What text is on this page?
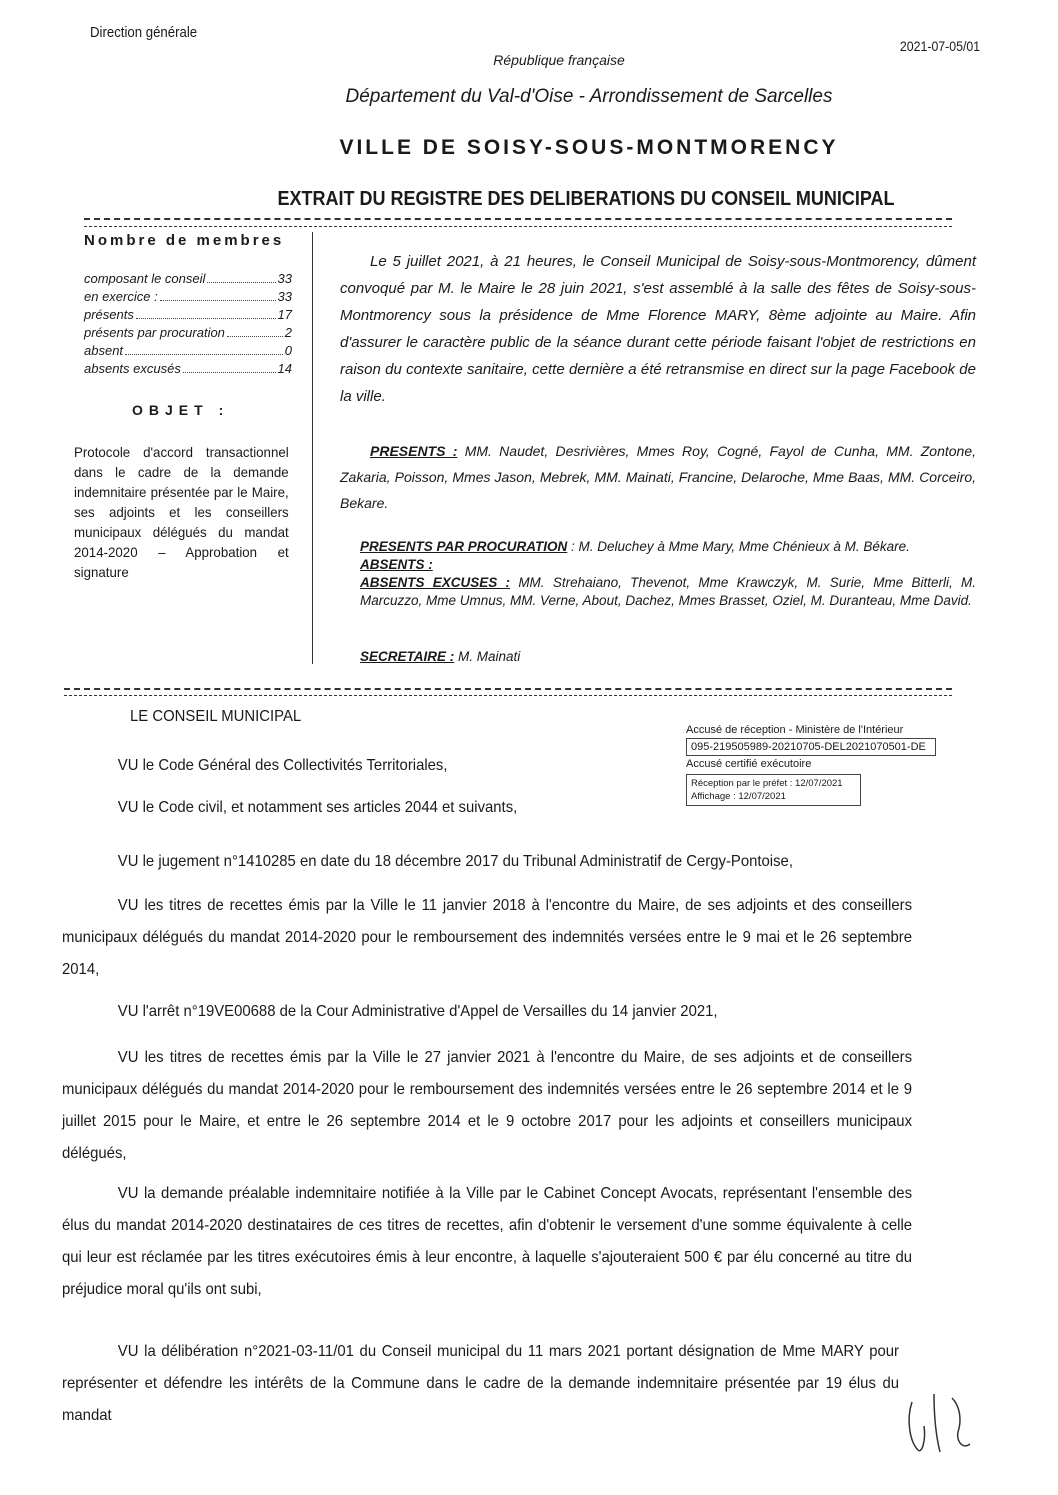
Direction générale
2021-07-05/01
République française
Département du Val-d'Oise - Arrondissement de Sarcelles
VILLE DE SOISY-SOUS-MONTMORENCY
EXTRAIT DU REGISTRE DES DELIBERATIONS DU CONSEIL MUNICIPAL
Nombre de membres
composant le conseil	33
en exercice :	33
présents	17
présents par procuration	2
absent	0
absents excusés	14
OBJET :
Protocole d'accord transactionnel dans le cadre de la demande indemnitaire présentée par le Maire, ses adjoints et les conseillers municipaux délégués du mandat 2014-2020 – Approbation et signature
Le 5 juillet 2021, à 21 heures, le Conseil Municipal de Soisy-sous-Montmorency, dûment convoqué par M. le Maire le 28 juin 2021, s'est assemblé à la salle des fêtes de Soisy-sous-Montmorency sous la présidence de Mme Florence MARY, 8ème adjointe au Maire. Afin d'assurer le caractère public de la séance durant cette période faisant l'objet de restrictions en raison du contexte sanitaire, cette dernière a été retransmise en direct sur la page Facebook de la ville.
PRESENTS : MM. Naudet, Desrivières, Mmes Roy, Cogné, Fayol de Cunha, MM. Zontone, Zakaria, Poisson, Mmes Jason, Mebrek, MM. Mainati, Francine, Delaroche, Mme Baas, MM. Corceiro, Bekare.
PRESENTS PAR PROCURATION : M. Deluchey à Mme Mary, Mme Chénieux à M. Békare.
ABSENTS :
ABSENTS EXCUSES : MM. Strehaiano, Thevenot, Mme Krawczyk, M. Surie, Mme Bitterli, M. Marcuzzo, Mme Umnus, MM. Verne, About, Dachez, Mmes Brasset, Oziel, M. Duranteau, Mme David.
SECRETAIRE : M. Mainati
Accusé de réception - Ministère de l'Intérieur
095-219505989-20210705-DEL2021070501-DE
Accusé certifié exécutoire
Réception par le préfet : 12/07/2021
Affichage : 12/07/2021
LE CONSEIL MUNICIPAL
VU le Code Général des Collectivités Territoriales,
VU le Code civil, et notamment ses articles 2044 et suivants,
VU le jugement n°1410285 en date du 18 décembre 2017 du Tribunal Administratif de Cergy-Pontoise,
VU les titres de recettes émis par la Ville le 11 janvier 2018 à l'encontre du Maire, de ses adjoints et des conseillers municipaux délégués du mandat 2014-2020 pour le remboursement des indemnités versées entre le 9 mai et le 26 septembre 2014,
VU l'arrêt n°19VE00688 de la Cour Administrative d'Appel de Versailles du 14 janvier 2021,
VU les titres de recettes émis par la Ville le 27 janvier 2021 à l'encontre du Maire, de ses adjoints et de conseillers municipaux délégués du mandat 2014-2020 pour le remboursement des indemnités versées entre le 26 septembre 2014 et le 9 juillet 2015 pour le Maire, et entre le 26 septembre 2014 et le 9 octobre 2017 pour les adjoints et conseillers municipaux délégués,
VU la demande préalable indemnitaire notifiée à la Ville par le Cabinet Concept Avocats, représentant l'ensemble des élus du mandat 2014-2020 destinataires de ces titres de recettes, afin d'obtenir le versement d'une somme équivalente à celle qui leur est réclamée par les titres exécutoires émis à leur encontre, à laquelle s'ajouteraient 500 € par élu concerné au titre du préjudice moral qu'ils ont subi,
VU la délibération n°2021-03-11/01 du Conseil municipal du 11 mars 2021 portant désignation de Mme MARY pour représenter et défendre les intérêts de la Commune dans le cadre de la demande indemnitaire présentée par 19 élus du mandat
